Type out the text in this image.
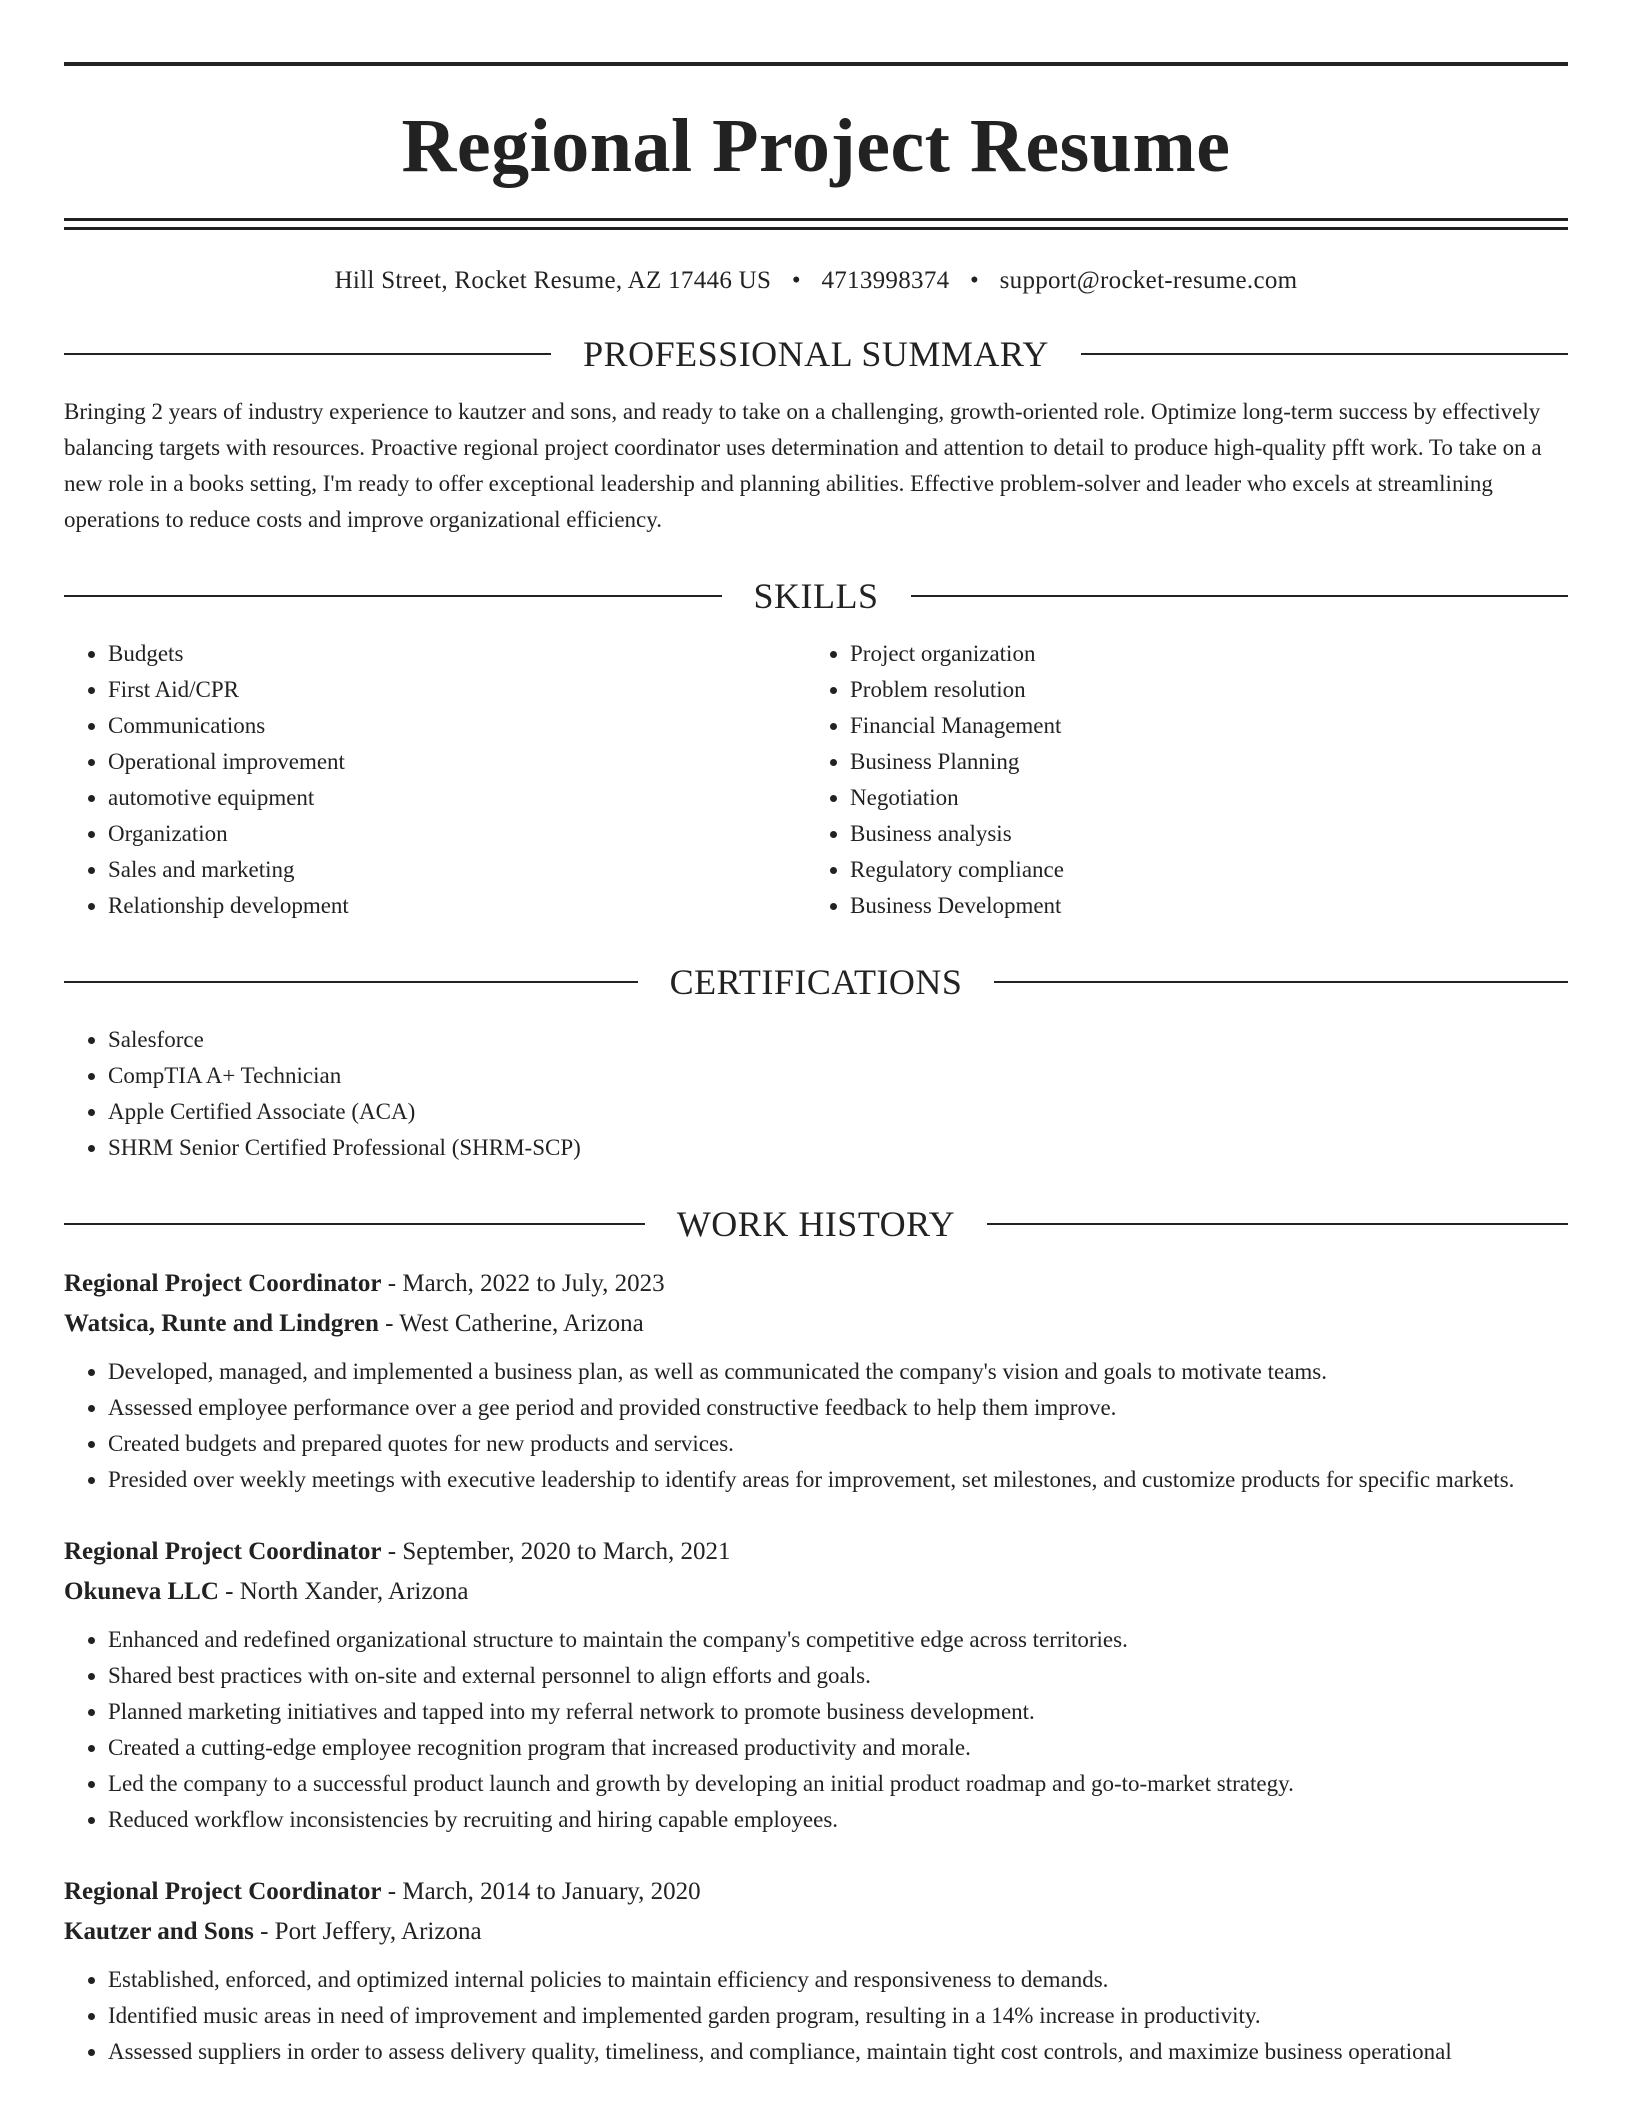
Regional Project Resume
Hill Street, Rocket Resume, AZ 17446 US • 4713998374 • support@rocket-resume.com
PROFESSIONAL SUMMARY

Bringing 2 years of industry experience to kautzer and sons, and ready to take on a challenging, growth-oriented role. Optimize long-term success by effectively balancing targets with resources. Proactive regional project coordinator uses determination and attention to detail to produce high-quality pfft work. To take on a new role in a books setting, I'm ready to offer exceptional leadership and planning abilities. Effective problem-solver and leader who excels at streamlining operations to reduce costs and improve organizational efficiency.

SKILLS
• Budgets
• First Aid/CPR
• Communications
• Operational improvement
• automotive equipment
• Organization
• Sales and marketing
• Relationship development
• Project organization
• Problem resolution
• Financial Management
• Business Planning
• Negotiation
• Business analysis
• Regulatory compliance
• Business Development
CERTIFICATIONS
• Salesforce
• CompTIA A+ Technician
• Apple Certified Associate (ACA)
• SHRM Senior Certified Professional (SHRM-SCP)
WORK HISTORY
Regional Project Coordinator - March, 2022 to July, 2023
Watsica, Runte and Lindgren - West Catherine, Arizona
• Developed, managed, and implemented a business plan, as well as communicated the company's vision and goals to motivate teams.
• Assessed employee performance over a gee period and provided constructive feedback to help them improve.
• Created budgets and prepared quotes for new products and services.
• Presided over weekly meetings with executive leadership to identify areas for improvement, set milestones, and customize products for specific markets.
Regional Project Coordinator - September, 2020 to March, 2021
Okuneva LLC - North Xander, Arizona
• Enhanced and redefined organizational structure to maintain the company's competitive edge across territories.
• Shared best practices with on-site and external personnel to align efforts and goals.
• Planned marketing initiatives and tapped into my referral network to promote business development.
• Created a cutting-edge employee recognition program that increased productivity and morale.
• Led the company to a successful product launch and growth by developing an initial product roadmap and go-to-market strategy.
• Reduced workflow inconsistencies by recruiting and hiring capable employees.
Regional Project Coordinator - March, 2014 to January, 2020
Kautzer and Sons - Port Jeffery, Arizona
• Established, enforced, and optimized internal policies to maintain efficiency and responsiveness to demands.
• Identified music areas in need of improvement and implemented garden program, resulting in a 14% increase in productivity.
• Assessed suppliers in order to assess delivery quality, timeliness, and compliance, maintain tight cost controls, and maximize business operational
